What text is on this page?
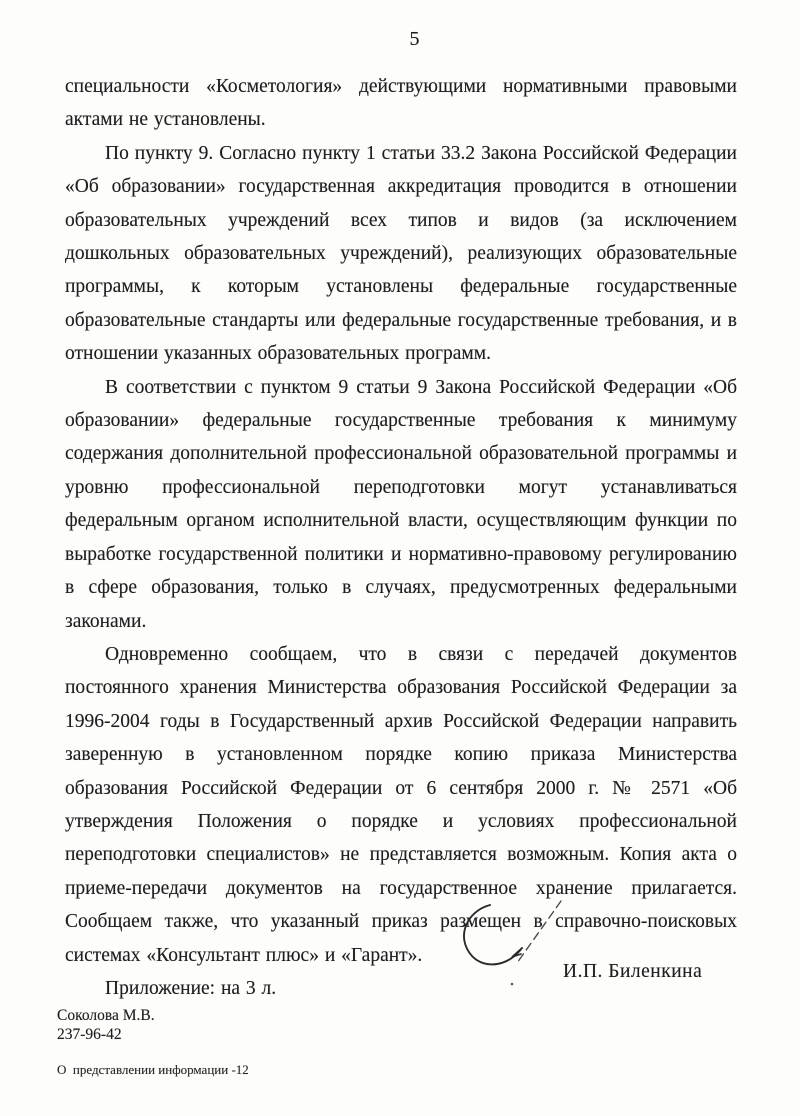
5

специальности «Косметология» действующими нормативными правовыми актами не установлены.

По пункту 9. Согласно пункту 1 статьи 33.2 Закона Российской Федерации «Об образовании» государственная аккредитация проводится в отношении образовательных учреждений всех типов и видов (за исключением дошкольных образовательных учреждений), реализующих образовательные программы, к которым установлены федеральные государственные образовательные стандарты или федеральные государственные требования, и в отношении указанных образовательных программ.

В соответствии с пунктом 9 статьи 9 Закона Российской Федерации «Об образовании» федеральные государственные требования к минимуму содержания дополнительной профессиональной образовательной программы и уровню профессиональной переподготовки могут устанавливаться федеральным органом исполнительной власти, осуществляющим функции по выработке государственной политики и нормативно-правовому регулированию в сфере образования, только в случаях, предусмотренных федеральными законами.

Одновременно сообщаем, что в связи с передачей документов постоянного хранения Министерства образования Российской Федерации за 1996-2004 годы в Государственный архив Российской Федерации направить заверенную в установленном порядке копию приказа Министерства образования Российской Федерации от 6 сентября 2000 г. № 2571 «Об утверждения Положения о порядке и условиях профессиональной переподготовки специалистов» не представляется возможным. Копия акта о приеме-передачи документов на государственное хранение прилагается. Сообщаем также, что указанный приказ размещен в справочно-поисковых системах «Консультант плюс» и «Гарант».

Приложение: на 3 л.

И.П. Биленкина
Соколова М.В.
237-96-42
О  представлении информации -12
